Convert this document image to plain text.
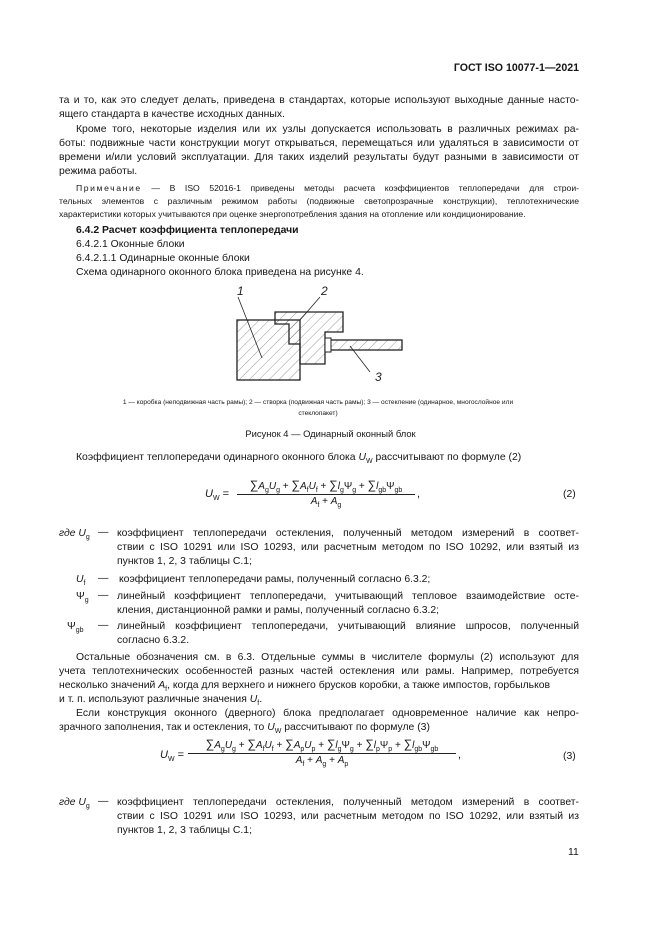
ГОСТ ISO 10077-1—2021
та и то, как это следует делать, приведена в стандартах, которые используют выходные данные насто-
ящего стандарта в качестве исходных данных.
Кроме того, некоторые изделия или их узлы допускается использовать в различных режимах ра-
боты: подвижные части конструкции могут открываться, перемещаться или удаляться в зависимости от
времени и/или условий эксплуатации. Для таких изделий результаты будут разными в зависимости от
режима работы.
Примечание — В ISO 52016-1 приведены методы расчета коэффициентов теплопередачи для строи-
тельных элементов с различным режимом работы (подвижные светопрозрачные конструкции), теплотехнические
характеристики которых учитываются при оценке энергопотребления здания на отопление или кондиционирование.
6.4.2 Расчет коэффициента теплопередачи
6.4.2.1 Оконные блоки
6.4.2.1.1 Одинарные оконные блоки
Схема одинарного оконного блока приведена на рисунке 4.
1	2
3
1 — коробка (неподвижная часть рамы); 2 — створка (подвижная часть рамы); 3 — остекление (одинарное, многослойное или
стеклопакет)
Рисунок 4 — Одинарный оконный блок
Коэффициент теплопередачи одинарного оконного блока $U_W$ рассчитывают по формуле (2)
$U_W$ =
$\sum A_gU_g + \sum A_fU_f + \sum l_g\Psi_g + \sum l_{gb}\Psi_{gb}$
$A_f + A_g$
,	(2)
где $U_g$ — коэффициент теплопередачи остекления, полученный методом измерений в соответ-
ствии с ISO 10291 или ISO 10293, или расчетным методом по ISO 10292, или взятый из
пунктов 1, 2, 3 таблицы С.1;
$U_f$ — коэффициент теплопередачи рамы, полученный согласно 6.3.2;
$\Psi_g$ — линейный коэффициент теплопередачи, учитывающий тепловое взаимодействие осте-
кления, дистанционной рамки и рамы, полученный согласно 6.3.2;
$\Psi_{gb}$ — линейный коэффициент теплопередачи, учитывающий влияние шпросов, полученный
согласно 6.3.2.
Остальные обозначения см. в 6.3. Отдельные суммы в числителе формулы (2) используют для
учета теплотехнических особенностей разных частей остекления или рамы. Например, потребуется
несколько значений $A_f$, когда для верхнего и нижнего брусков коробки, а также импостов, горбыльков
и т. п. используют различные значения $U_f$.
Если конструкция оконного (дверного) блока предполагает одновременное наличие как непро-
зрачного заполнения, так и остекления, то $U_W$ рассчитывают по формуле (3)
$U_W$ =
$\sum A_gU_g + \sum A_fU_f + \sum A_pU_p + \sum l_g\Psi_g + \sum l_p\Psi_p + \sum l_{gb}\Psi_{gb}$
$A_f + A_g + A_p$
,	(3)
где $U_g$ — коэффициент теплопередачи остекления, полученный методом измерений в соответ-
ствии с ISO 10291 или ISO 10293, или расчетным методом по ISO 10292, или взятый из
пунктов 1, 2, 3 таблицы С.1;
11
